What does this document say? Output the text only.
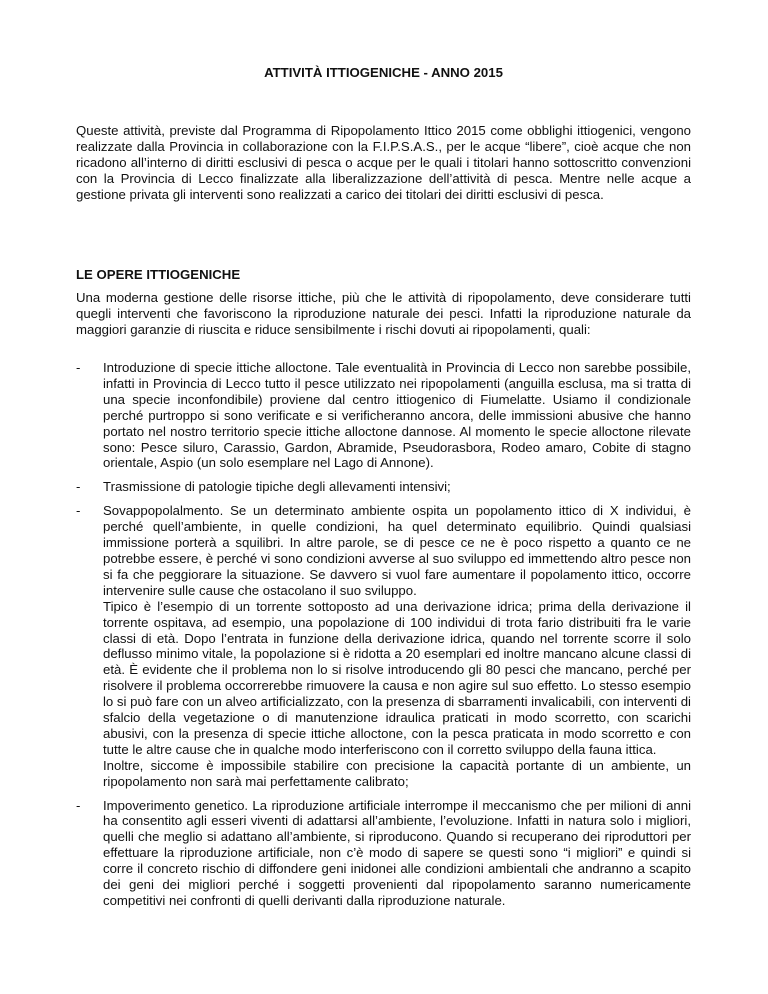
ATTIVITÀ ITTIOGENICHE - ANNO 2015

Queste attività, previste dal Programma di Ripopolamento Ittico 2015 come obblighi ittiogenici, vengono realizzate dalla Provincia in collaborazione con la F.I.P.S.A.S., per le acque “libere”, cioè acque che non ricadono all’interno di diritti esclusivi di pesca o acque per le quali i titolari hanno sottoscritto convenzioni con la Provincia di Lecco finalizzate alla liberalizzazione dell’attività di pesca. Mentre nelle acque a gestione privata gli interventi sono realizzati a carico dei titolari dei diritti esclusivi di pesca.

LE OPERE ITTIOGENICHE

Una moderna gestione delle risorse ittiche, più che le attività di ripopolamento, deve considerare tutti quegli interventi che favoriscono la riproduzione naturale dei pesci. Infatti la riproduzione naturale da maggiori garanzie di riuscita e riduce sensibilmente i rischi dovuti ai ripopolamenti, quali:

-	Introduzione di specie ittiche alloctone. Tale eventualità in Provincia di Lecco non sarebbe possibile, infatti in Provincia di Lecco tutto il pesce utilizzato nei ripopolamenti (anguilla esclusa, ma si tratta di una specie inconfondibile) proviene dal centro ittiogenico di Fiumelatte. Usiamo il condizionale perché purtroppo si sono verificate e si verificheranno ancora, delle immissioni abusive che hanno portato nel nostro territorio specie ittiche alloctone dannose. Al momento le specie alloctone rilevate sono: Pesce siluro, Carassio, Gardon, Abramide, Pseudorasbora, Rodeo amaro, Cobite di stagno orientale, Aspio (un solo esemplare nel Lago di Annone).

-	Trasmissione di patologie tipiche degli allevamenti intensivi;

-	Sovappopolalmento. Se un determinato ambiente ospita un popolamento ittico di X individui, è perché quell’ambiente, in quelle condizioni, ha quel determinato equilibrio. Quindi qualsiasi immissione porterà a squilibri. In altre parole, se di pesce ce ne è poco rispetto a quanto ce ne potrebbe essere, è perché vi sono condizioni avverse al suo sviluppo ed immettendo altro pesce non si fa che peggiorare la situazione. Se davvero si vuol fare aumentare il popolamento ittico, occorre intervenire sulle cause che ostacolano il suo sviluppo.

Tipico è l’esempio di un torrente sottoposto ad una derivazione idrica; prima della derivazione il torrente ospitava, ad esempio, una popolazione di 100 individui di trota fario distribuiti fra le varie classi di età. Dopo l’entrata in funzione della derivazione idrica, quando nel torrente scorre il solo deflusso minimo vitale, la popolazione si è ridotta a 20 esemplari ed inoltre mancano alcune classi di età. È evidente che il problema non lo si risolve introducendo gli 80 pesci che mancano, perché per risolvere il problema occorrerebbe rimuovere la causa e non agire sul suo effetto. Lo stesso esempio lo si può fare con un alveo artificializzato, con la presenza di sbarramenti invalicabili, con interventi di sfalcio della vegetazione o di manutenzione idraulica praticati in modo scorretto, con scarichi abusivi, con la presenza di specie ittiche alloctone, con la pesca praticata in modo scorretto e con tutte le altre cause che in qualche modo interferiscono con il corretto sviluppo della fauna ittica.

Inoltre, siccome è impossibile stabilire con precisione la capacità portante di un ambiente, un ripopolamento non sarà mai perfettamente calibrato;

-	Impoverimento genetico. La riproduzione artificiale interrompe il meccanismo che per milioni di anni ha consentito agli esseri viventi di adattarsi all’ambiente, l’evoluzione. Infatti in natura solo i migliori, quelli che meglio si adattano all’ambiente, si riproducono. Quando si recuperano dei riproduttori per effettuare la riproduzione artificiale, non c’è modo di sapere se questi sono “i migliori” e quindi si corre il concreto rischio di diffondere geni inidonei alle condizioni ambientali che andranno a scapito dei geni dei migliori perché i soggetti provenienti dal ripopolamento saranno numericamente competitivi nei confronti di quelli derivanti dalla riproduzione naturale.
